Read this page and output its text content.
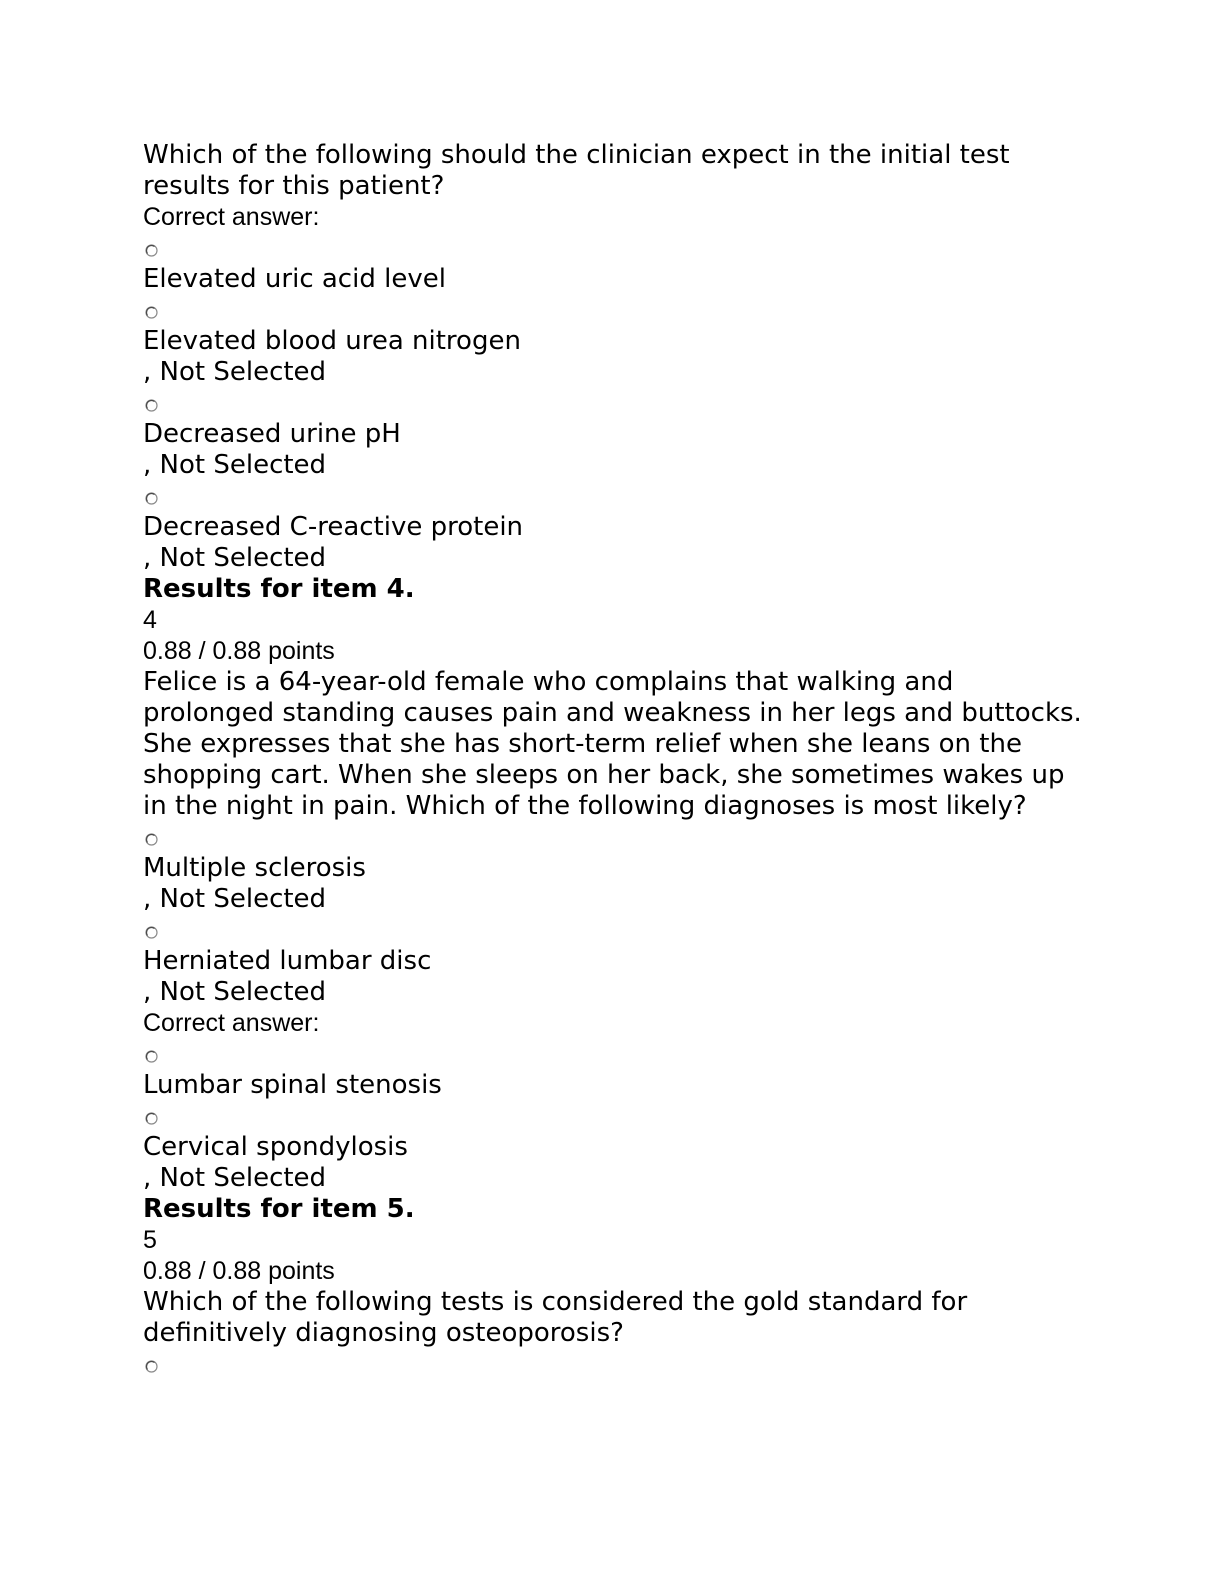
Which of the following should the clinician expect in the initial test results for this patient?
Correct answer:
Elevated uric acid level
Elevated blood urea nitrogen
, Not Selected
Decreased urine pH
, Not Selected
Decreased C-reactive protein
, Not Selected
Results for item 4.
4
0.88 / 0.88 points
Felice is a 64-year-old female who complains that walking and prolonged standing causes pain and weakness in her legs and buttocks. She expresses that she has short-term relief when she leans on the shopping cart. When she sleeps on her back, she sometimes wakes up in the night in pain. Which of the following diagnoses is most likely?
Multiple sclerosis
, Not Selected
Herniated lumbar disc
, Not Selected
Correct answer:
Lumbar spinal stenosis
Cervical spondylosis
, Not Selected
Results for item 5.
5
0.88 / 0.88 points
Which of the following tests is considered the gold standard for definitively diagnosing osteoporosis?
